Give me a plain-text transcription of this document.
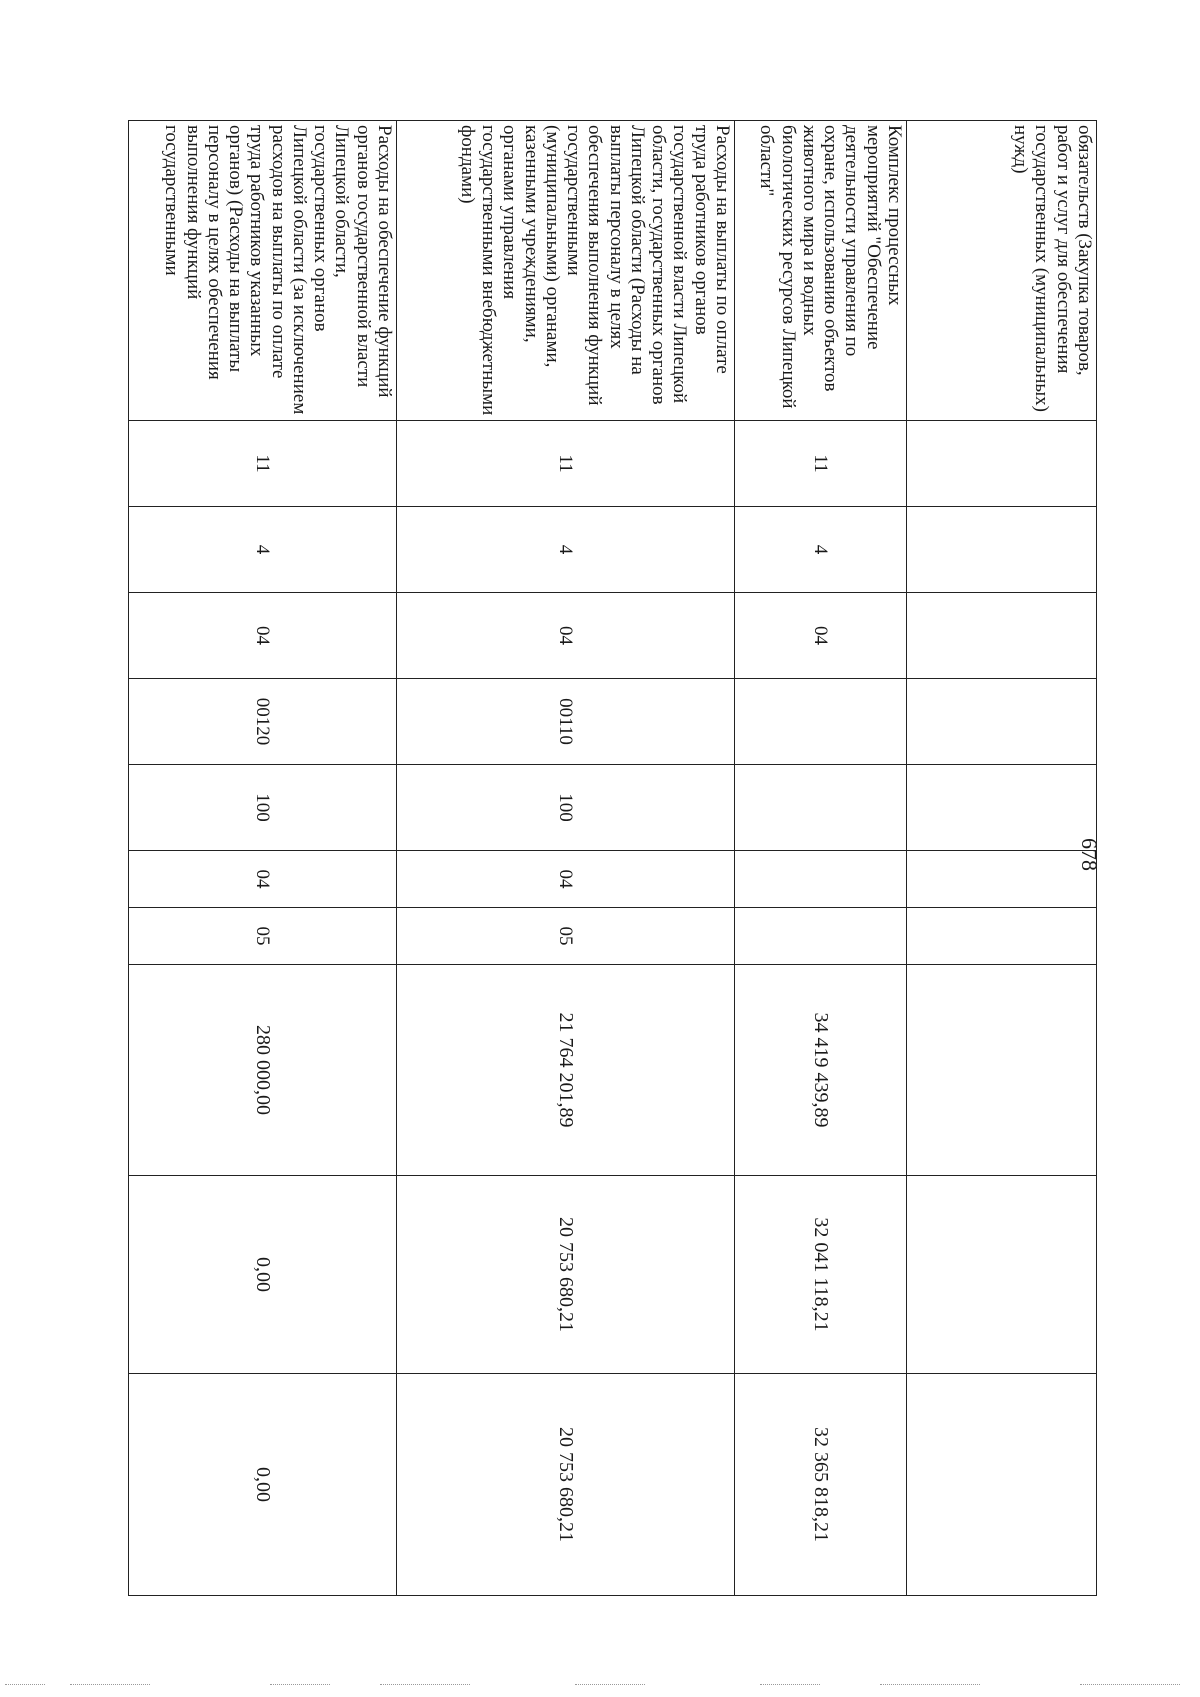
678
обязательств (Закупка товаров, работ и услуг для обеспечения государственных (муниципальных) нужд)										
Комплекс процессных мероприятий "Обеспечение деятельности управления по охране, использованию объектов животного мира и водных биологических ресурсов Липецкой области"	11	4	04					34 419 439,89	32 041 118,21	32 365 818,21
Расходы на выплаты по оплате труда работников органов государственной власти Липецкой области, государственных органов Липецкой области (Расходы на выплаты персоналу в целях обеспечения выполнения функций государственными (муниципальными) органами, казенными учреждениями, органами управления государственными внебюджетными фондами)	11	4	04	00110	100	04	05	21 764 201,89	20 753 680,21	20 753 680,21
Расходы на обеспечение функций органов государственной власти Липецкой области, государственных органов Липецкой области (за исключением расходов на выплаты по оплате труда работников указанных органов) (Расходы на выплаты персоналу в целях обеспечения выполнения функций государственными	11	4	04	00120	100	04	05	280 000,00	0,00	0,00
